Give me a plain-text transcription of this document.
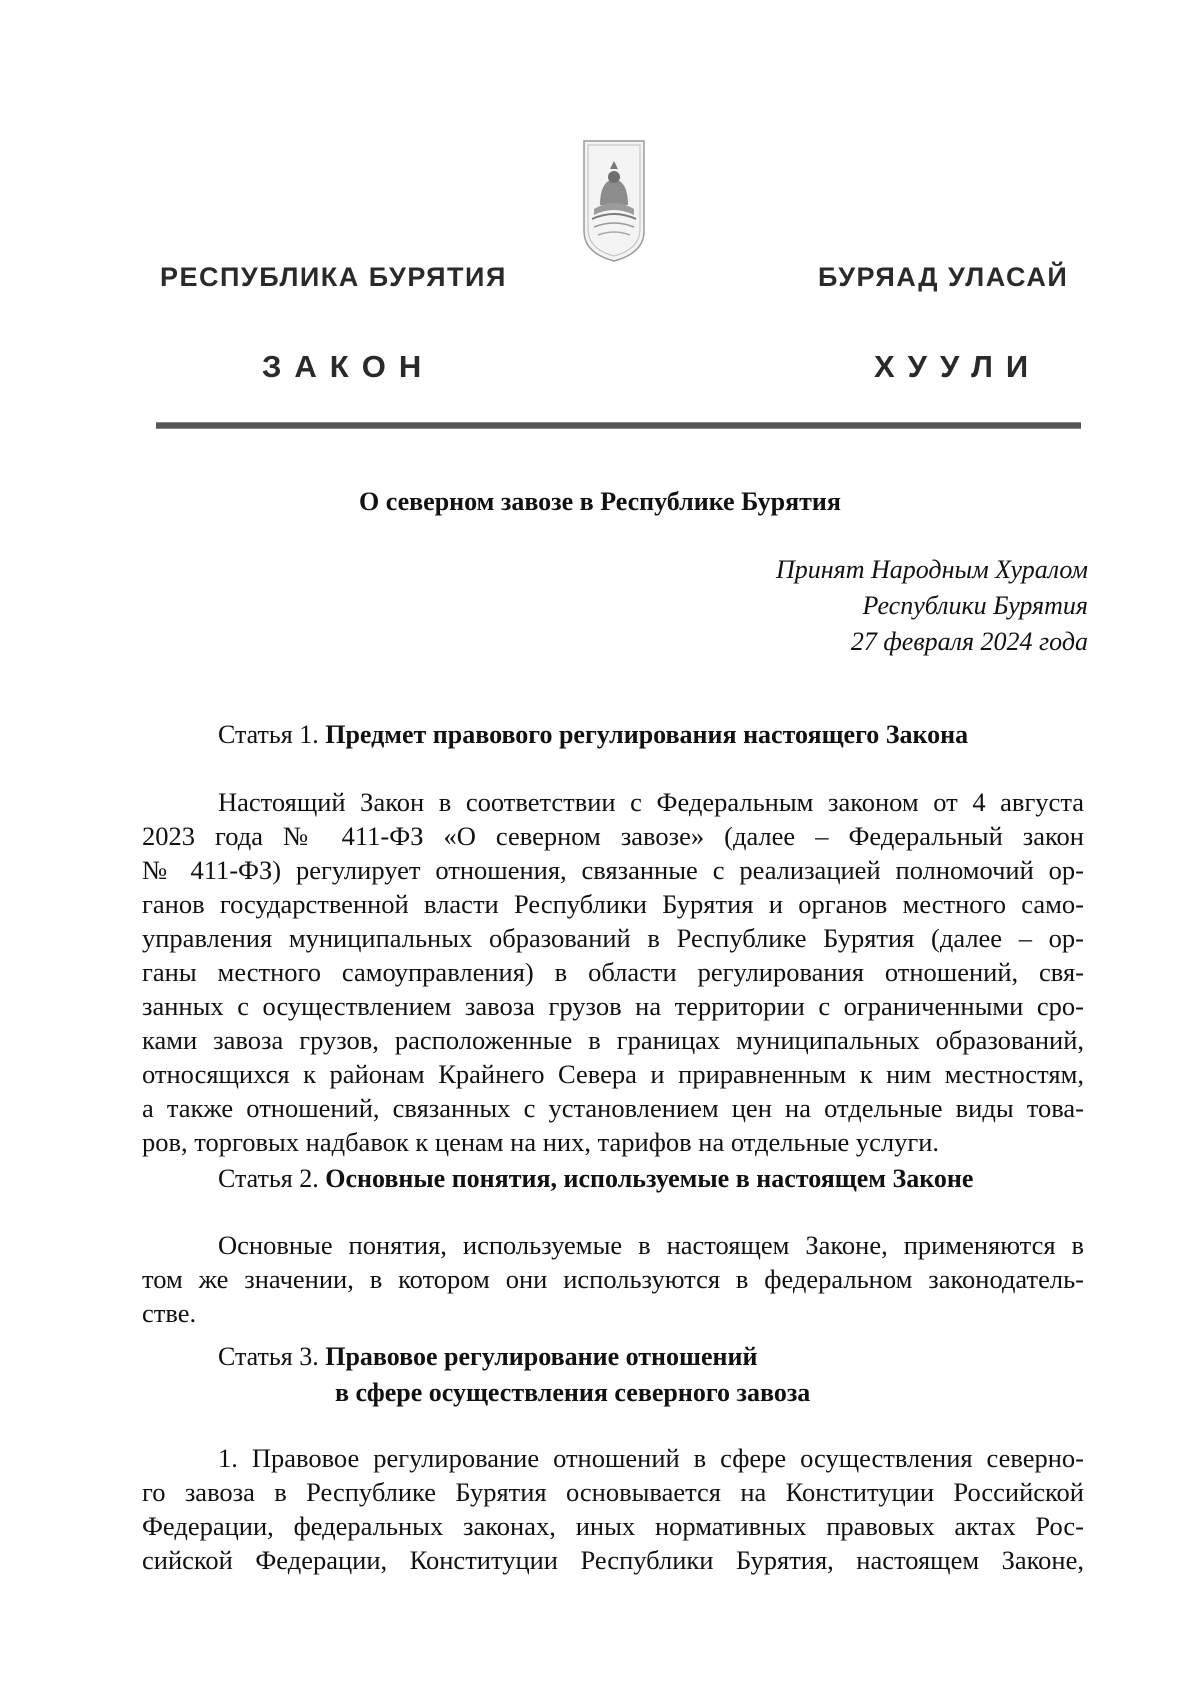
РЕСПУБЛИКА БУРЯТИЯ	БУРЯАД УЛАСАЙ
ЗАКОН	ХУУЛИ
О северном завозе в Республике Бурятия
Принят Народным Хуралом
Республики Бурятия
27 февраля 2024 года
Статья 1. Предмет правового регулирования настоящего Закона
Настоящий Закон в соответствии с Федеральным законом от 4 августа
2023 года № 411-ФЗ «О северном завозе» (далее – Федеральный закон
№ 411-ФЗ) регулирует отношения, связанные с реализацией полномочий ор-
ганов государственной власти Республики Бурятия и органов местного само-
управления муниципальных образований в Республике Бурятия (далее – ор-
ганы местного самоуправления) в области регулирования отношений, свя-
занных с осуществлением завоза грузов на территории с ограниченными сро-
ками завоза грузов, расположенные в границах муниципальных образований,
относящихся к районам Крайнего Севера и приравненным к ним местностям,
а также отношений, связанных с установлением цен на отдельные виды това-
ров, торговых надбавок к ценам на них, тарифов на отдельные услуги.
Статья 2. Основные понятия, используемые в настоящем Законе
Основные понятия, используемые в настоящем Законе, применяются в
том же значении, в котором они используются в федеральном законодатель-
стве.
Статья 3. Правовое регулирование отношений
в сфере осуществления северного завоза
1. Правовое регулирование отношений в сфере осуществления северно-
го завоза в Республике Бурятия основывается на Конституции Российской
Федерации, федеральных законах, иных нормативных правовых актах Рос-
сийской Федерации, Конституции Республики Бурятия, настоящем Законе,
